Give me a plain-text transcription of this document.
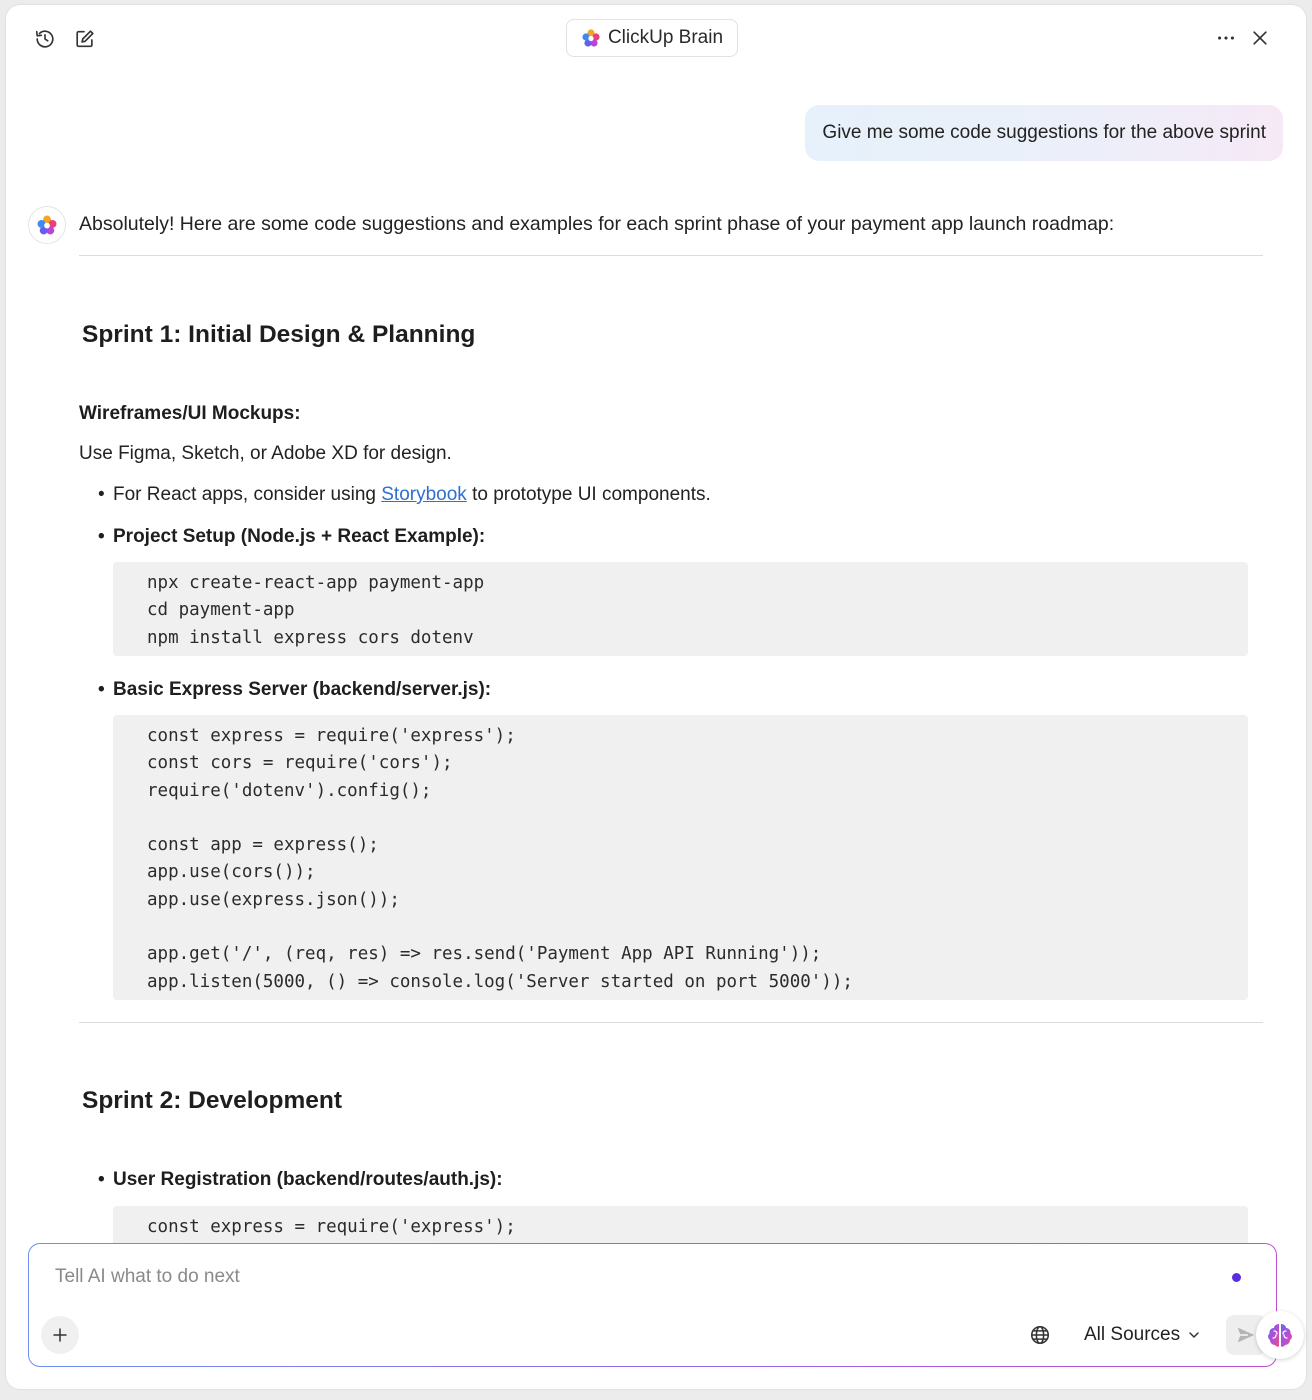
ClickUp Brain
Give me some code suggestions for the above sprint
Absolutely! Here are some code suggestions and examples for each sprint phase of your payment app launch roadmap:
Sprint 1: Initial Design & Planning
Wireframes/UI Mockups:
Use Figma, Sketch, or Adobe XD for design.
• For React apps, consider using Storybook to prototype UI components.
• Project Setup (Node.js + React Example):
npx create-react-app payment-app
cd payment-app
npm install express cors dotenv
• Basic Express Server (backend/server.js):
const express = require('express');
const cors = require('cors');
require('dotenv').config();
const app = express();
app.use(cors());
app.use(express.json());
app.get('/', (req, res) => res.send('Payment App API Running'));
app.listen(5000, () => console.log('Server started on port 5000'));
Sprint 2: Development
• User Registration (backend/routes/auth.js):
const express = require('express');
Tell AI what to do next
All Sources
